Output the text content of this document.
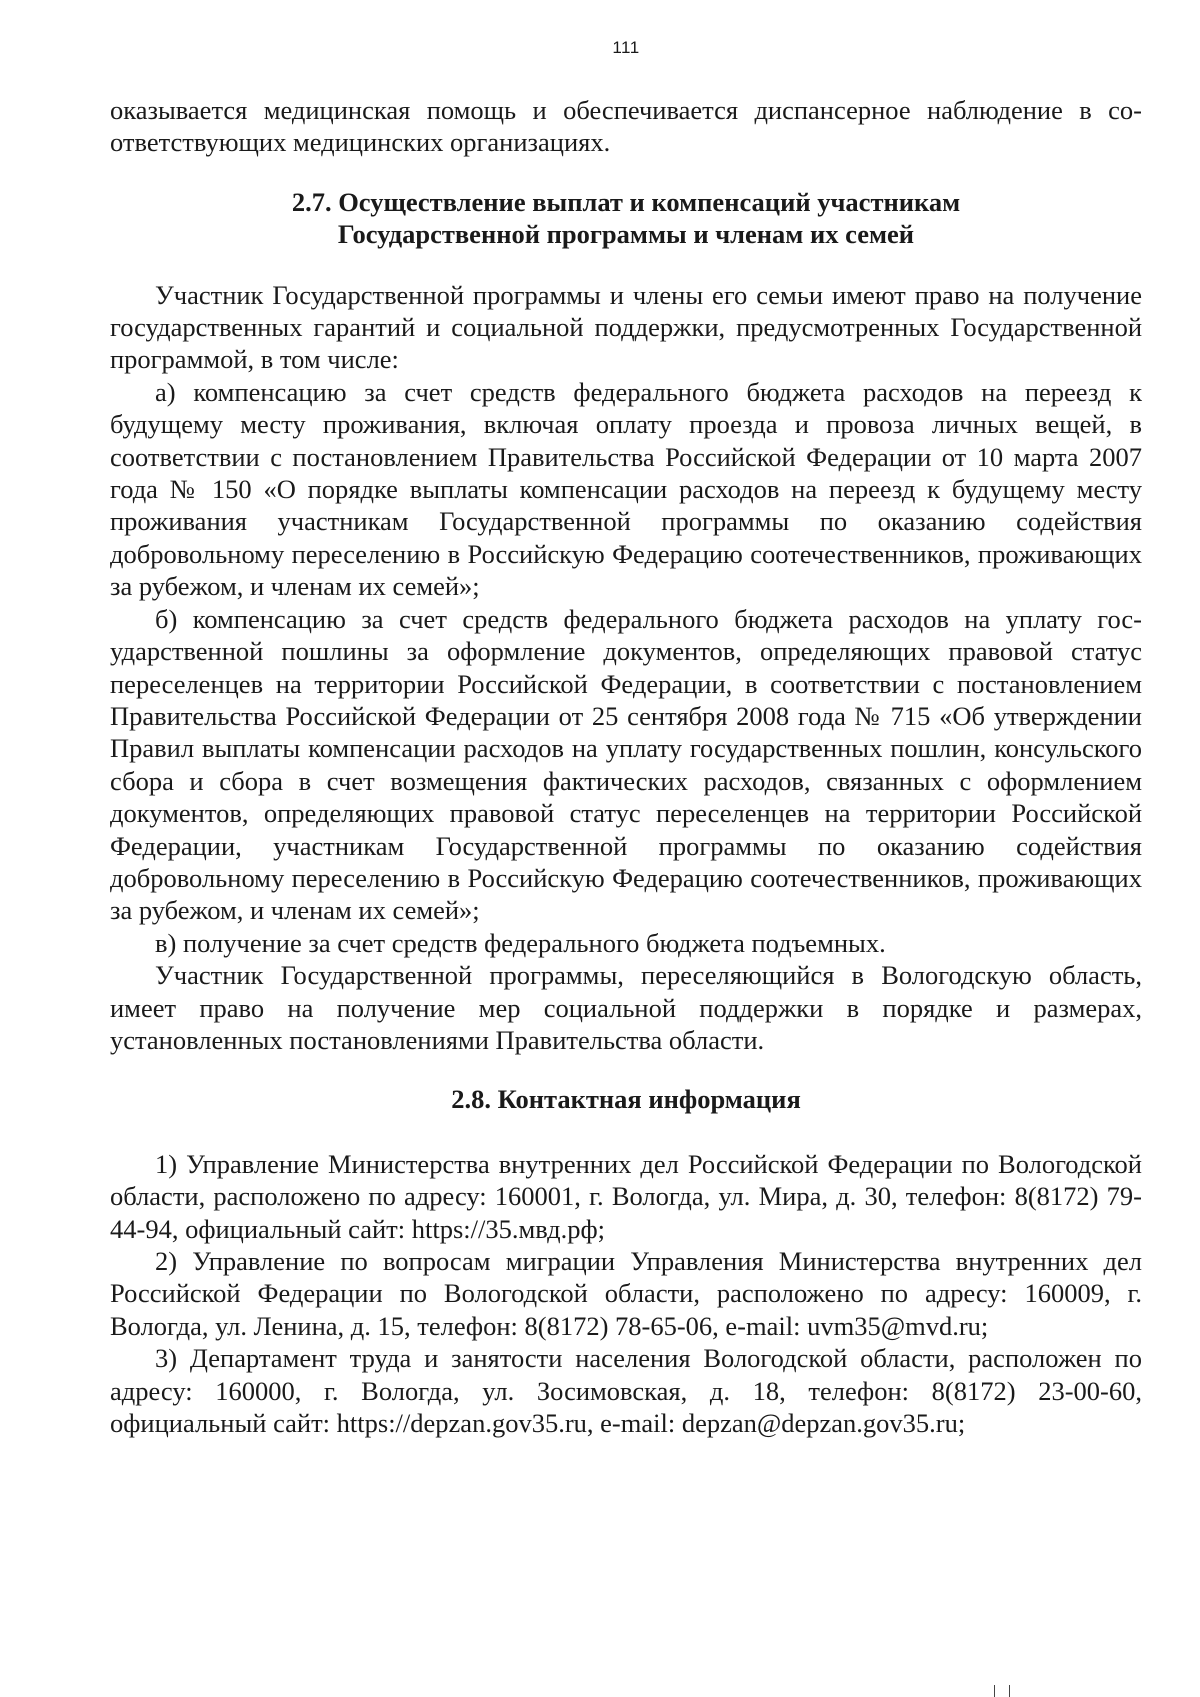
111

оказывается медицинская помощь и обеспечивается диспансерное наблюдение в соответствующих медицинских организациях.

2.7. Осуществление выплат и компенсаций участникам
Государственной программы и членам их семей

Участник Государственной программы и члены его семьи имеют право на получение государственных гарантий и социальной поддержки, предусмотренных Государственной программой, в том числе:

а) компенсацию за счет средств федерального бюджета расходов на переезд к будущему месту проживания, включая оплату проезда и провоза личных вещей, в соответствии с постановлением Правительства Российской Федерации от 10 марта 2007 года № 150 «О порядке выплаты компенсации расходов на переезд к будущему месту проживания участникам Государственной программы по оказанию содействия добровольному переселению в Российскую Федерацию соотечественников, проживающих за рубежом, и членам их семей»;

б) компенсацию за счет средств федерального бюджета расходов на уплату государственной пошлины за оформление документов, определяющих правовой статус переселенцев на территории Российской Федерации, в соответствии с постановлением Правительства Российской Федерации от 25 сентября 2008 года № 715 «Об утверждении Правил выплаты компенсации расходов на уплату государственных пошлин, консульского сбора и сбора в счет возмещения фактических расходов, связанных с оформлением документов, определяющих правовой статус переселенцев на территории Российской Федерации, участникам Государственной программы по оказанию содействия добровольному переселению в Российскую Федерацию соотечественников, проживающих за рубежом, и членам их семей»;

в) получение за счет средств федерального бюджета подъемных.

Участник Государственной программы, переселяющийся в Вологодскую область, имеет право на получение мер социальной поддержки в порядке и размерах, установленных постановлениями Правительства области.

2.8. Контактная информация

1) Управление Министерства внутренних дел Российской Федерации по Вологодской области, расположено по адресу: 160001, г. Вологда, ул. Мира, д. 30, телефон: 8(8172) 79-44-94, официальный сайт: https://35.мвд.рф;

2) Управление по вопросам миграции Управления Министерства внутренних дел Российской Федерации по Вологодской области, расположено по адресу: 160009, г. Вологда, ул. Ленина, д. 15, телефон: 8(8172) 78-65-06, e-mail: uvm35@mvd.ru;

3) Департамент труда и занятости населения Вологодской области, расположен по адресу: 160000, г. Вологда, ул. Зосимовская, д. 18, телефон: 8(8172) 23-00-60, официальный сайт: https://depzan.gov35.ru, e-mail: depzan@depzan.gov35.ru;
